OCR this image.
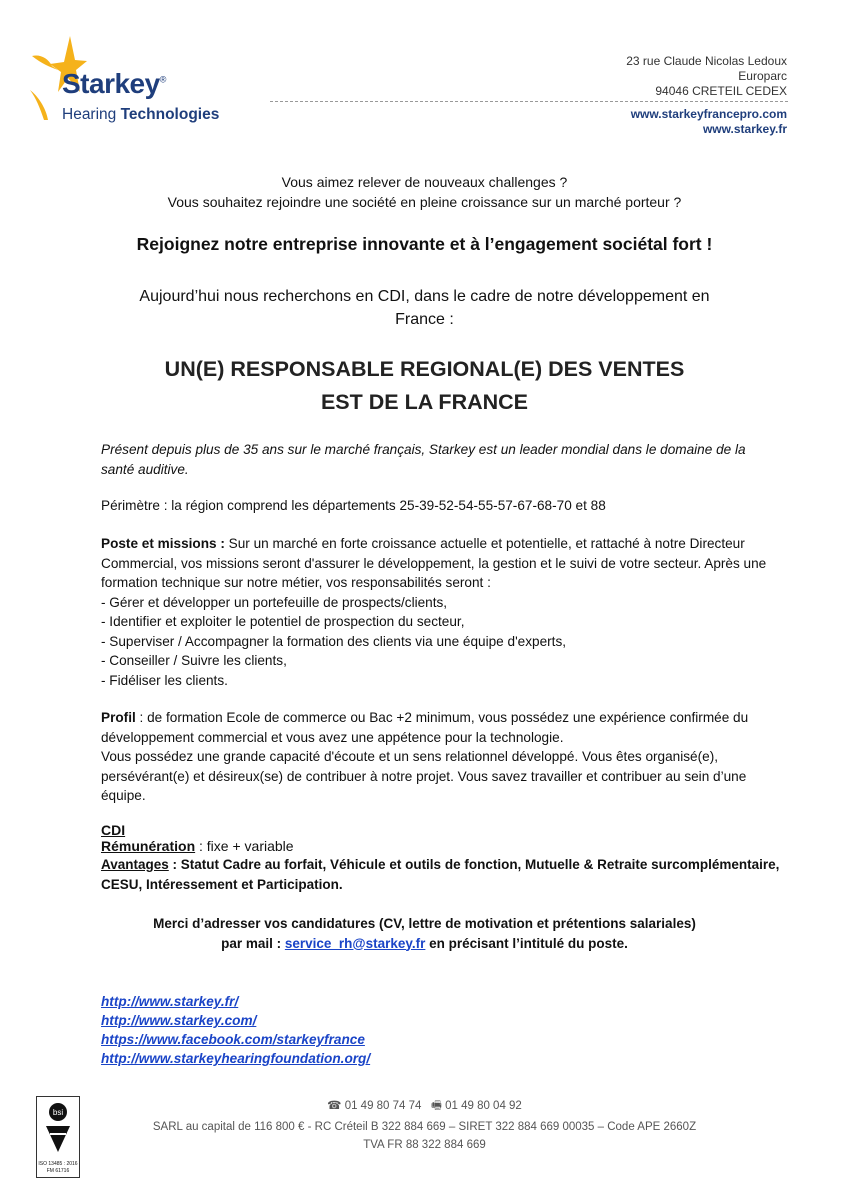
Starkey®
Hearing Technologies
23 rue Claude Nicolas Ledoux
Europarc
94046 CRETEIL CEDEX
www.starkeyfrancepro.com
www.starkey.fr
Vous aimez relever de nouveaux challenges ?
Vous souhaitez rejoindre une société en pleine croissance sur un marché porteur ?
Rejoignez notre entreprise innovante et à l’engagement sociétal fort !
Aujourd’hui nous recherchons en CDI, dans le cadre de notre développement en
France :
UN(E) RESPONSABLE REGIONAL(E) DES VENTES
EST DE LA FRANCE
Présent depuis plus de 35 ans sur le marché français, Starkey est un leader mondial dans le domaine de la santé auditive.
Périmètre : la région comprend les départements 25-39-52-54-55-57-67-68-70 et 88
Poste et missions : Sur un marché en forte croissance actuelle et potentielle, et rattaché à notre Directeur Commercial, vos missions seront d'assurer le développement, la gestion et le suivi de votre secteur. Après une formation technique sur notre métier, vos responsabilités seront :
- Gérer et développer un portefeuille de prospects/clients,
- Identifier et exploiter le potentiel de prospection du secteur,
- Superviser / Accompagner la formation des clients via une équipe d'experts,
- Conseiller / Suivre les clients,
- Fidéliser les clients.
Profil : de formation Ecole de commerce ou Bac +2 minimum, vous possédez une expérience confirmée du développement commercial et vous avez une appétence pour la technologie.
Vous possédez une grande capacité d'écoute et un sens relationnel développé. Vous êtes organisé(e), persévérant(e) et désireux(se) de contribuer à notre projet. Vous savez travailler et contribuer au sein d’une équipe.
CDI
Rémunération : fixe + variable
Avantages : Statut Cadre au forfait, Véhicule et outils de fonction, Mutuelle & Retraite surcomplémentaire, CESU, Intéressement et Participation.
Merci d’adresser vos candidatures (CV, lettre de motivation et prétentions salariales)
par mail : service_rh@starkey.fr en précisant l’intitulé du poste.
http://www.starkey.fr/
http://www.starkey.com/
https://www.facebook.com/starkeyfrance
http://www.starkeyhearingfoundation.org/
bsi
ISO 13485 : 2016
FM 61716
☎ 01 49 80 74 74 🖷 01 49 80 04 92
SARL au capital de 116 800 € - RC Créteil B 322 884 669 – SIRET 322 884 669 00035 – Code APE 2660Z
TVA FR 88 322 884 669
